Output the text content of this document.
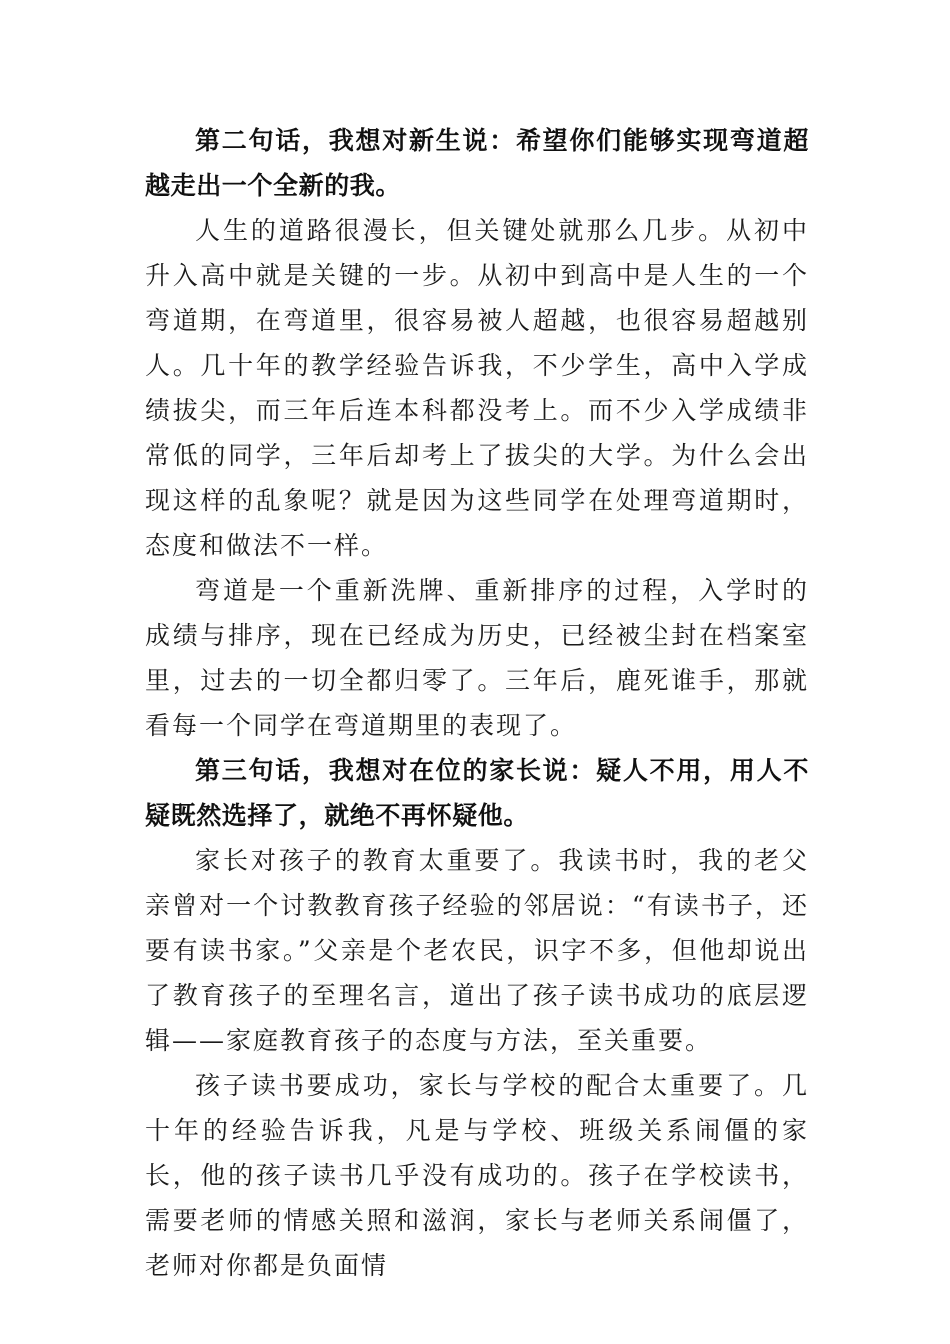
第二句话，我想对新生说：希望你们能够实现弯道超越走出一个全新的我。

人生的道路很漫长，但关键处就那么几步。从初中升入高中就是关键的一步。从初中到高中是人生的一个弯道期，在弯道里，很容易被人超越，也很容易超越别人。几十年的教学经验告诉我，不少学生，高中入学成绩拔尖，而三年后连本科都没考上。而不少入学成绩非常低的同学，三年后却考上了拔尖的大学。为什么会出现这样的乱象呢？就是因为这些同学在处理弯道期时，态度和做法不一样。

弯道是一个重新洗牌、重新排序的过程，入学时的成绩与排序，现在已经成为历史，已经被尘封在档案室里，过去的一切全都归零了。三年后，鹿死谁手，那就看每一个同学在弯道期里的表现了。

第三句话，我想对在位的家长说：疑人不用，用人不疑既然选择了，就绝不再怀疑他。

家长对孩子的教育太重要了。我读书时，我的老父亲曾对一个讨教教育孩子经验的邻居说：“有读书子，还要有读书家。”父亲是个老农民，识字不多，但他却说出了教育孩子的至理名言，道出了孩子读书成功的底层逻辑——家庭教育孩子的态度与方法，至关重要。

孩子读书要成功，家长与学校的配合太重要了。几十年的经验告诉我，凡是与学校、班级关系闹僵的家长，他的孩子读书几乎没有成功的。孩子在学校读书，需要老师的情感关照和滋润，家长与老师关系闹僵了，老师对你都是负面情
